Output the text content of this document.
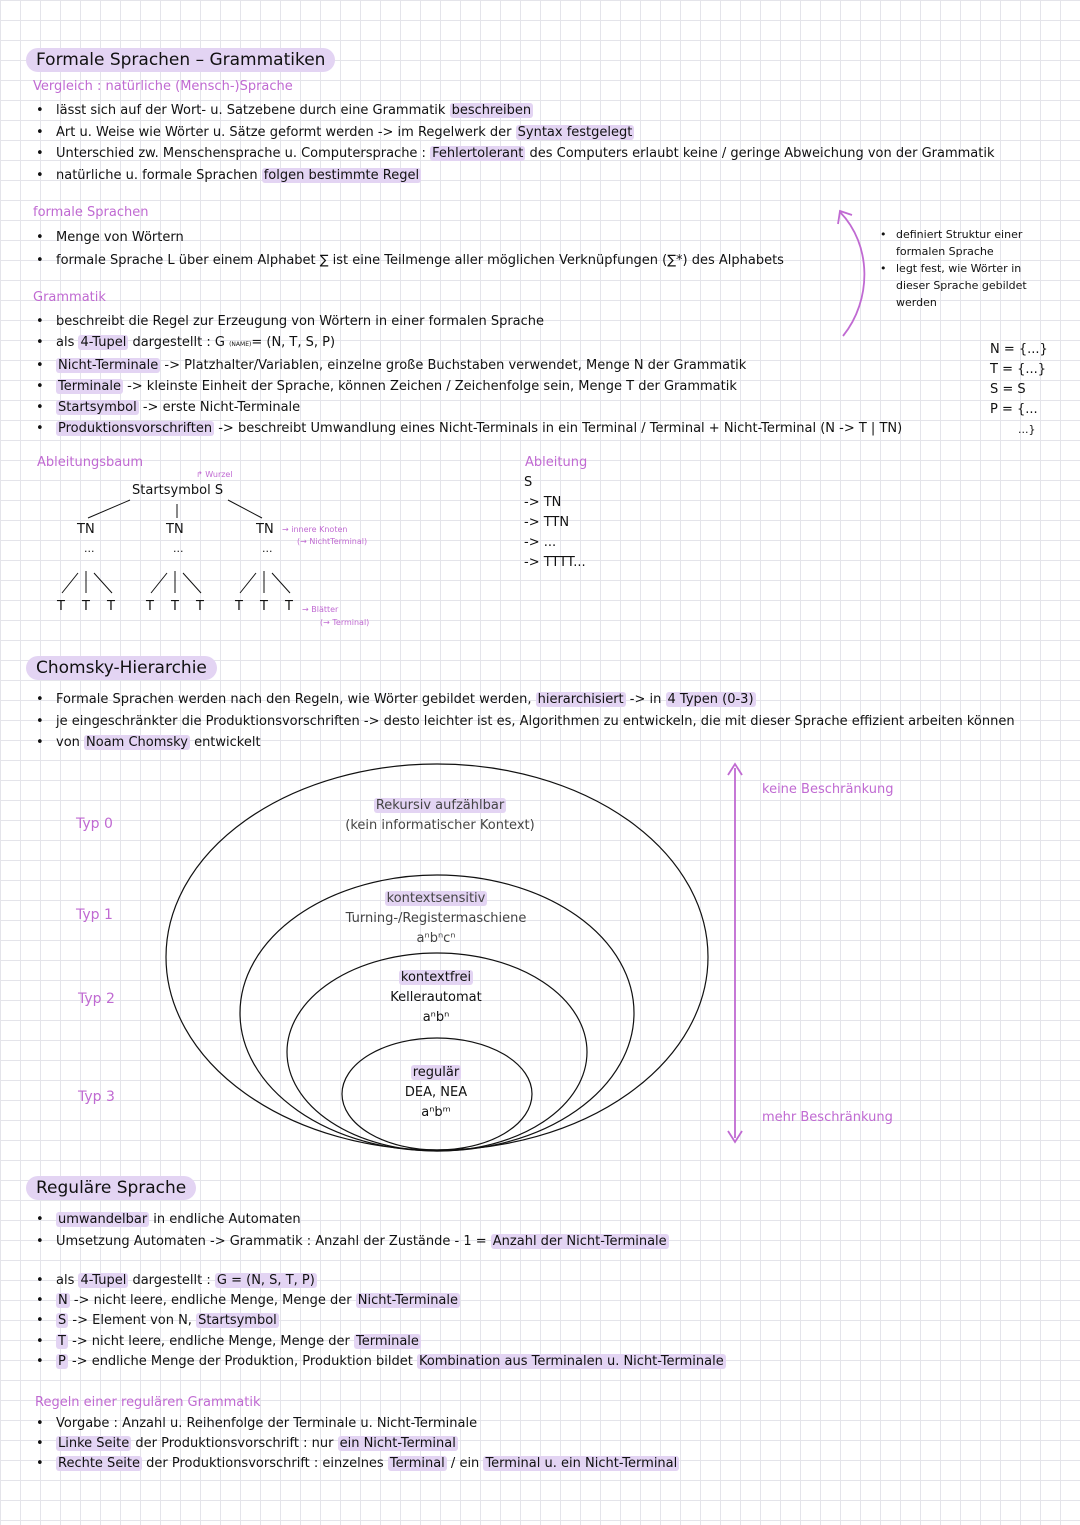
Formale Sprachen – Grammatiken
Vergleich : natürliche (Mensch-)Sprache
• lässt sich auf der Wort- u. Satzebene durch eine Grammatik beschreiben
• Art u. Weise wie Wörter u. Sätze geformt werden -> im Regelwerk der Syntax festgelegt
• Unterschied zw. Menschensprache u. Computersprache : Fehlertolerant des Computers erlaubt keine / geringe Abweichung von der Grammatik
• natürliche u. formale Sprachen folgen bestimmte Regel
formale Sprachen
• Menge von Wörtern
• formale Sprache L über einem Alphabet ∑ ist eine Teilmenge aller möglichen Verknüpfungen (∑*) des Alphabets
• definiert Struktur einer formalen Sprache
• legt fest, wie Wörter in dieser Sprache gebildet werden
Grammatik
• beschreibt die Regel zur Erzeugung von Wörtern in einer formalen Sprache
• als 4-Tupel dargestellt : G (NAME)= (N, T, S, P)
• Nicht-Terminale -> Platzhalter/Variablen, einzelne große Buchstaben verwendet, Menge N der Grammatik
• Terminale -> kleinste Einheit der Sprache, können Zeichen / Zeichenfolge sein, Menge T der Grammatik
• Startsymbol -> erste Nicht-Terminale
• Produktionsvorschriften -> beschreibt Umwandlung eines Nicht-Terminals in ein Terminal / Terminal + Nicht-Terminal (N -> T | TN)
N = {...}
T = {...}
S = S
P = {...
...}
Ableitungsbaum
↱ Wurzel
Startsymbol S
TN	TN	TN
...	...	...
→ innere Knoten
(→ NichtTerminal)
T T T T T T T T T → Blätter
(→ Terminal)
Ableitung
S
-> TN
-> TTN
-> ...
-> TTTT...
Chomsky-Hierarchie
• Formale Sprachen werden nach den Regeln, wie Wörter gebildet werden, hierarchisiert -> in 4 Typen (0-3)
• je eingeschränkter die Produktionsvorschriften -> desto leichter ist es, Algorithmen zu entwickeln, die mit dieser Sprache effizient arbeiten können
• von Noam Chomsky entwickelt
Typ 0
Typ 1
Typ 2
Typ 3
Rekursiv aufzählbar
(kein informatischer Kontext)
kontextsensitiv
Turning-/Registermaschiene
aⁿbⁿcⁿ
kontextfrei
Kellerautomat
aⁿbⁿ
regulär
DEA, NEA
aⁿbᵐ
keine Beschränkung
mehr Beschränkung
Reguläre Sprache
• umwandelbar in endliche Automaten
• Umsetzung Automaten -> Grammatik : Anzahl der Zustände - 1 = Anzahl der Nicht-Terminale
• als 4-Tupel dargestellt : G = (N, S, T, P)
• N -> nicht leere, endliche Menge, Menge der Nicht-Terminale
• S -> Element von N, Startsymbol
• T -> nicht leere, endliche Menge, Menge der Terminale
• P -> endliche Menge der Produktion, Produktion bildet Kombination aus Terminalen u. Nicht-Terminale
Regeln einer regulären Grammatik
• Vorgabe : Anzahl u. Reihenfolge der Terminale u. Nicht-Terminale
• Linke Seite der Produktionsvorschrift : nur ein Nicht-Terminal
• Rechte Seite der Produktionsvorschrift : einzelnes Terminal / ein Terminal u. ein Nicht-Terminal
